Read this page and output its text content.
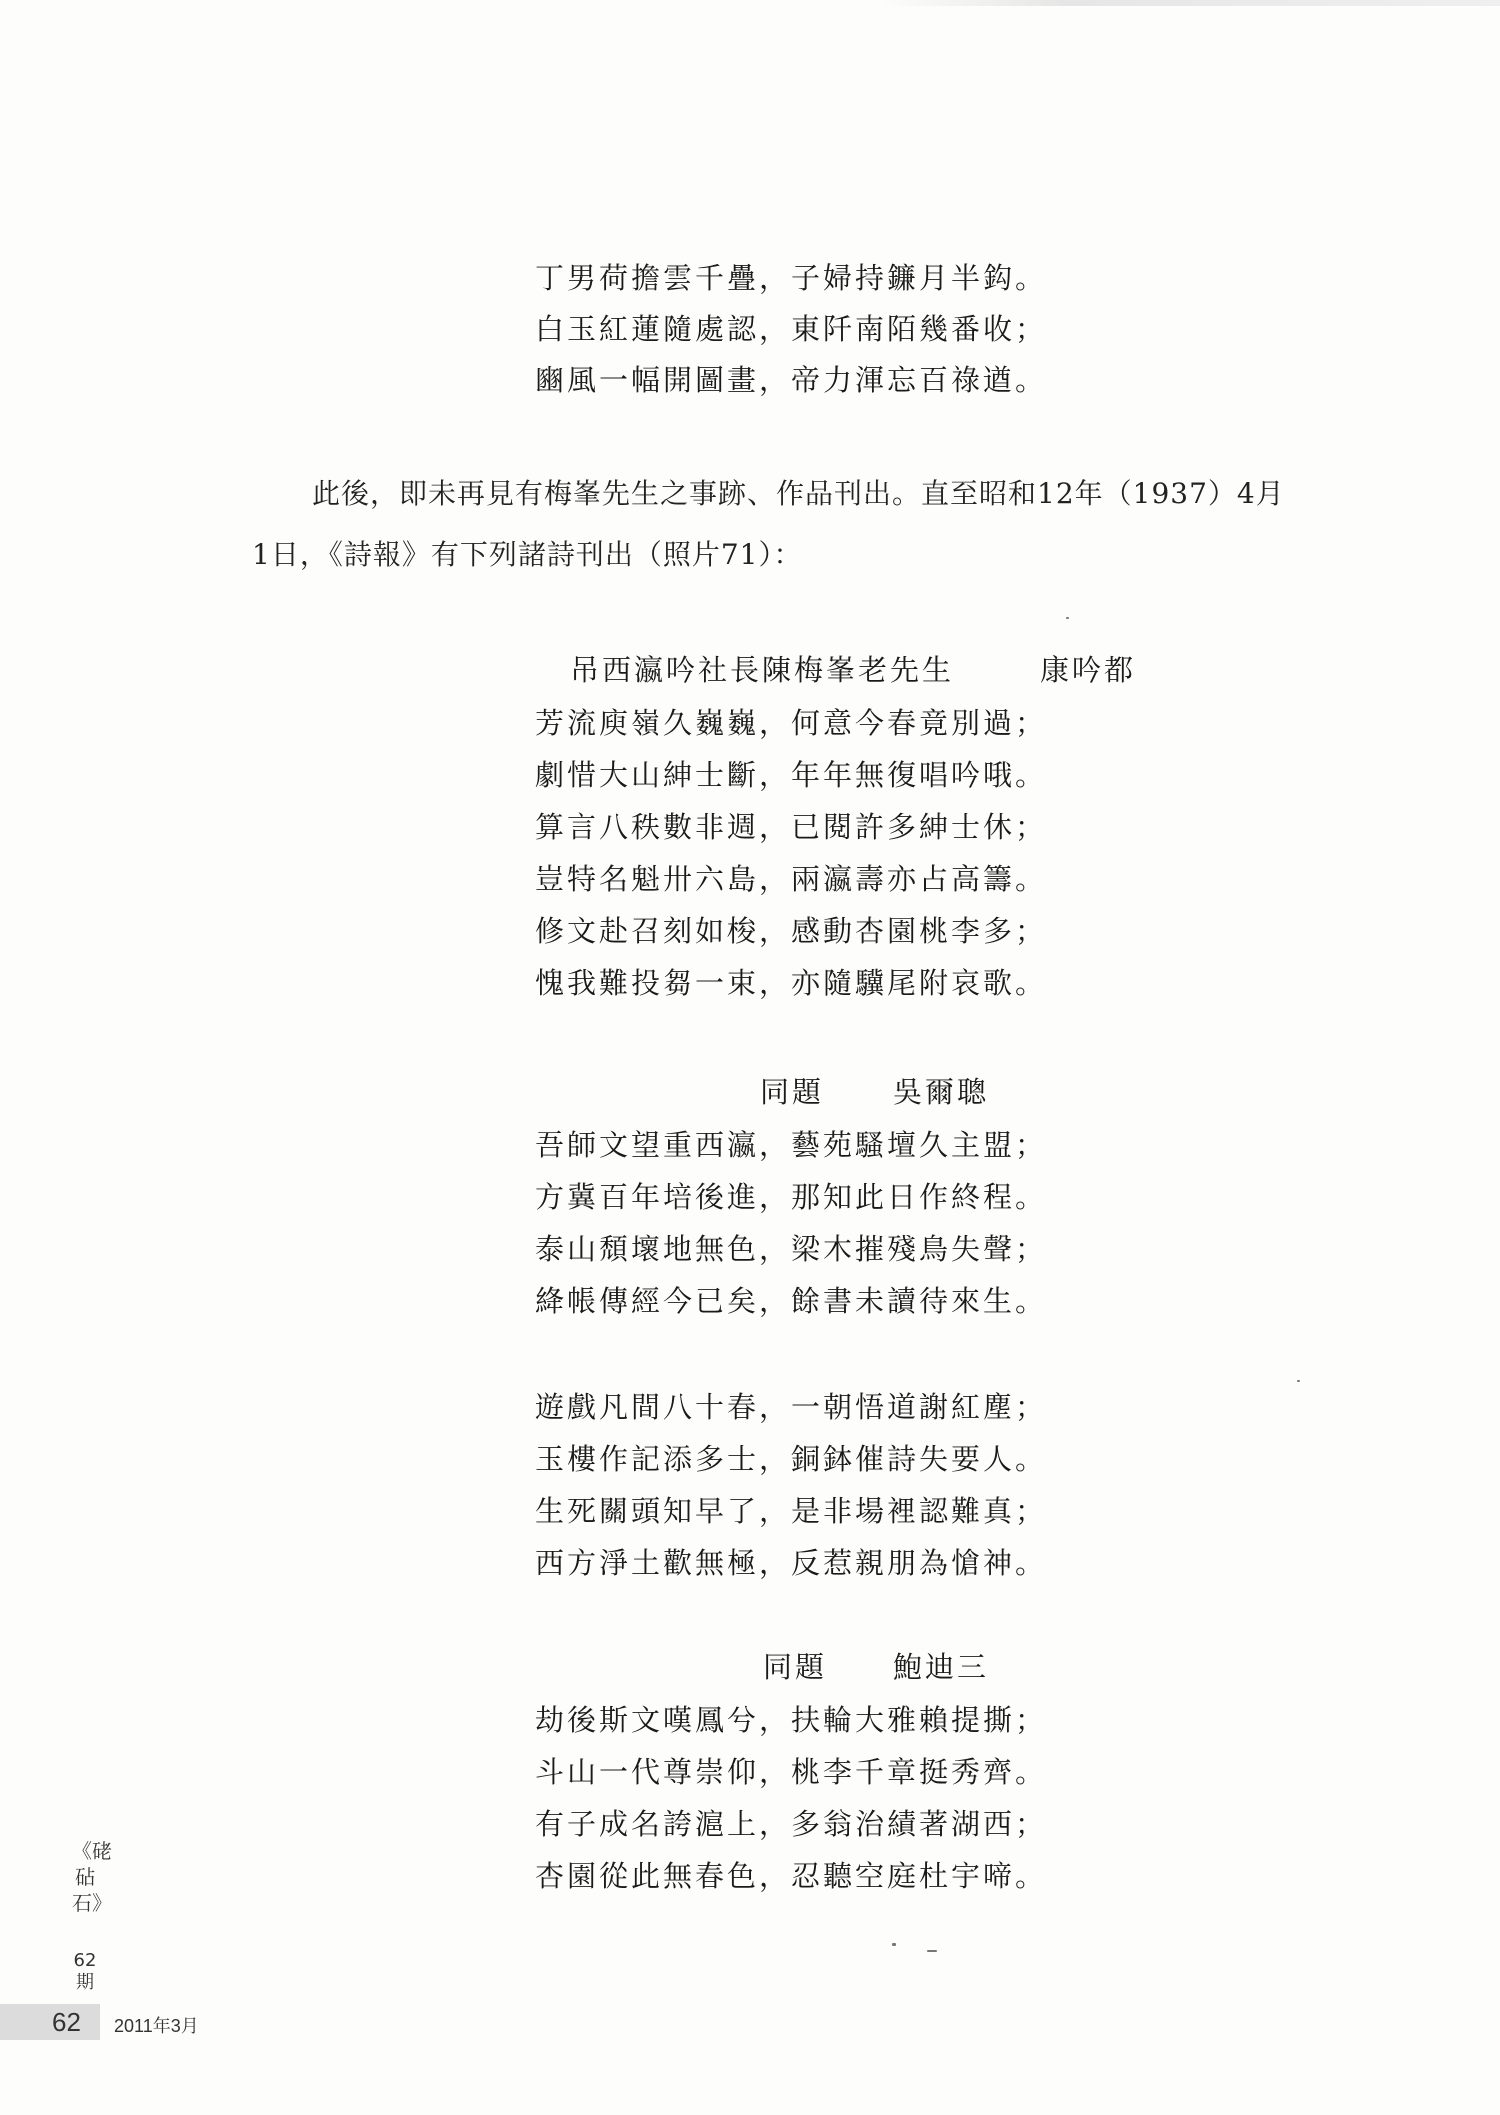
丁男荷擔雲千疊，子婦持鐮月半鈎。
白玉紅蓮隨處認，東阡南陌幾番收；
豳風一幅開圖畫，帝力渾忘百祿遒。
此後，即未再見有梅峯先生之事跡、作品刊出。直至昭和12年（1937）4月
1日，《詩報》有下列諸詩刊出（照片71）：
吊西瀛吟社長陳梅峯老先生	康吟都
芳流庾嶺久巍巍，何意今春竟別過；
劇惜大山紳士斷，年年無復唱吟哦。
算言八秩數非週，已閱許多紳士休；
豈特名魁卅六島，兩瀛壽亦占高籌。
修文赴召刻如梭，感動杏園桃李多；
愧我難投芻一束，亦隨驥尾附哀歌。
同題 吳爾聰
吾師文望重西瀛，藝苑騷壇久主盟；
方冀百年培後進，那知此日作終程。
泰山頹壞地無色，梁木摧殘鳥失聲；
絳帳傳經今已矣，餘書未讀待來生。
遊戲凡間八十春，一朝悟道謝紅塵；
玉樓作記添多士，銅鉢催詩失要人。
生死關頭知早了，是非場裡認難真；
西方淨土歡無極，反惹親朋為愴神。
同題 鮑迪三
劫後斯文嘆鳳兮，扶輪大雅賴提撕；
斗山一代尊崇仰，桃李千章挺秀齊。
有子成名誇滬上，多翁治績著湖西；
杏園從此無春色，忍聽空庭杜宇啼。
《硓砧石》
62期
62 2011年3月
